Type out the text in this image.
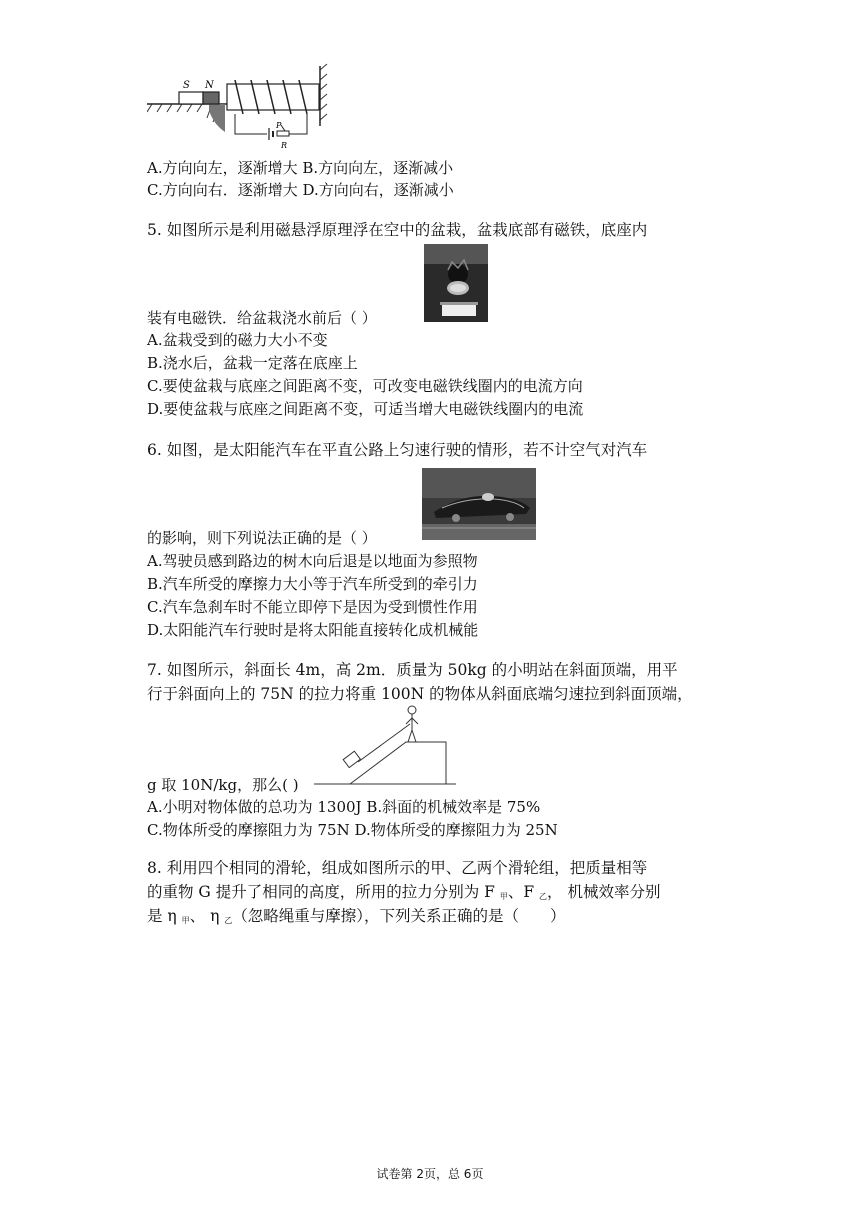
S N
P
R
A.方向向左，逐渐增大 B.方向向左，逐渐减小
C.方向向右．逐渐增大 D.方向向右，逐渐减小
5. 如图所示是利用磁悬浮原理浮在空中的盆栽，盆栽底部有磁铁，底座内
装有电磁铁．给盆栽浇水前后（ ）
A.盆栽受到的磁力大小不变
B.浇水后，盆栽一定落在底座上
C.要使盆栽与底座之间距离不变，可改变电磁铁线圈内的电流方向
D.要使盆栽与底座之间距离不变，可适当增大电磁铁线圈内的电流
6. 如图，是太阳能汽车在平直公路上匀速行驶的情形，若不计空气对汽车
的影响，则下列说法正确的是（ ）
A.驾驶员感到路边的树木向后退是以地面为参照物
B.汽车所受的摩擦力大小等于汽车所受到的牵引力
C.汽车急刹车时不能立即停下是因为受到惯性作用
D.太阳能汽车行驶时是将太阳能直接转化成机械能
7. 如图所示，斜面长 4m，高 2m．质量为 50kg 的小明站在斜面顶端，用平
行于斜面向上的 75N 的拉力将重 100N 的物体从斜面底端匀速拉到斜面顶端，
g 取 10N/kg，那么( )
A.小明对物体做的总功为 1300J B.斜面的机械效率是 75%
C.物体所受的摩擦阻力为 75N D.物体所受的摩擦阻力为 25N
8. 利用四个相同的滑轮，组成如图所示的甲、乙两个滑轮组，把质量相等
的重物 G 提升了相同的高度，所用的拉力分别为 F $_甲$、F $_乙$， 机械效率分别
是 η $_甲$、 η $_乙$（忽略绳重与摩擦），下列关系正确的是（　　）
试卷第 2页，总 6页
